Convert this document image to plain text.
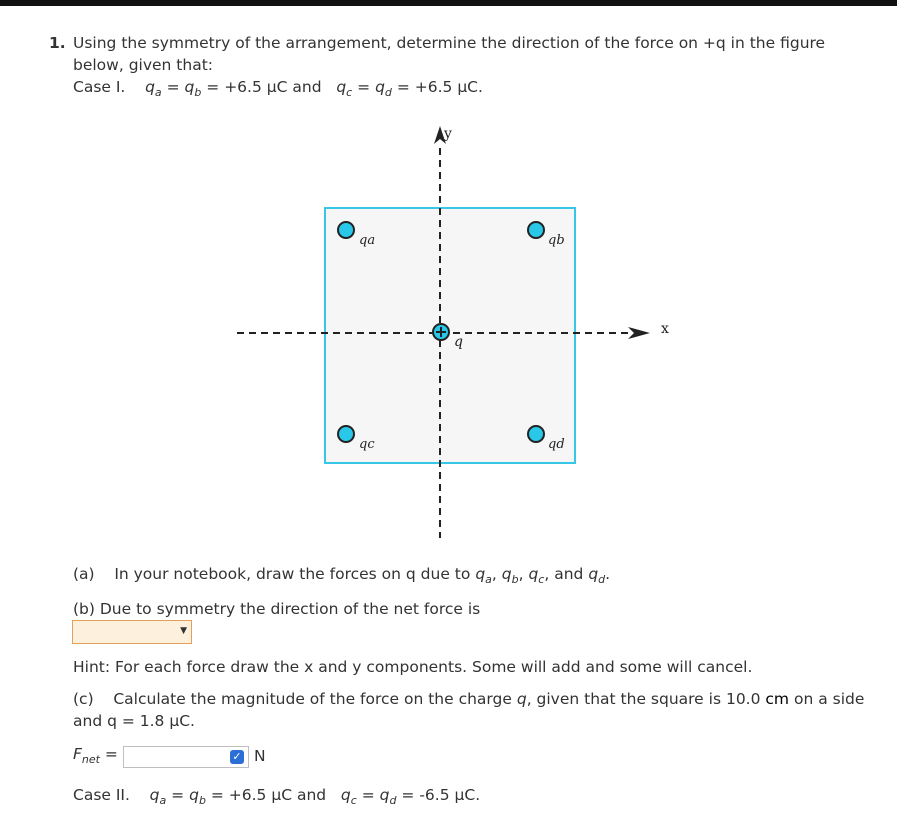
1. Using the symmetry of the arrangement, determine the direction of the force on +q in the figure
below, given that:
Case I. $q_a = q_b = +6.5$ μC and $q_c = q_d = +6.5$ μC.
x
y
qa	qb
qc	qd
q
(a) In your notebook, draw the forces on q due to $q_a$, $q_b$, $q_c$, and $q_d$.
(b) Due to symmetry the direction of the net force is
▼
Hint: For each force draw the x and y components. Some will add and some will cancel.
(c) Calculate the magnitude of the force on the charge q, given that the square is 10.0 cm on a side
and q = 1.8 μC.
$F_{net}$ =	✓ N
Case II. $q_a = q_b = +6.5$ μC and $q_c = q_d = -6.5$ μC.
